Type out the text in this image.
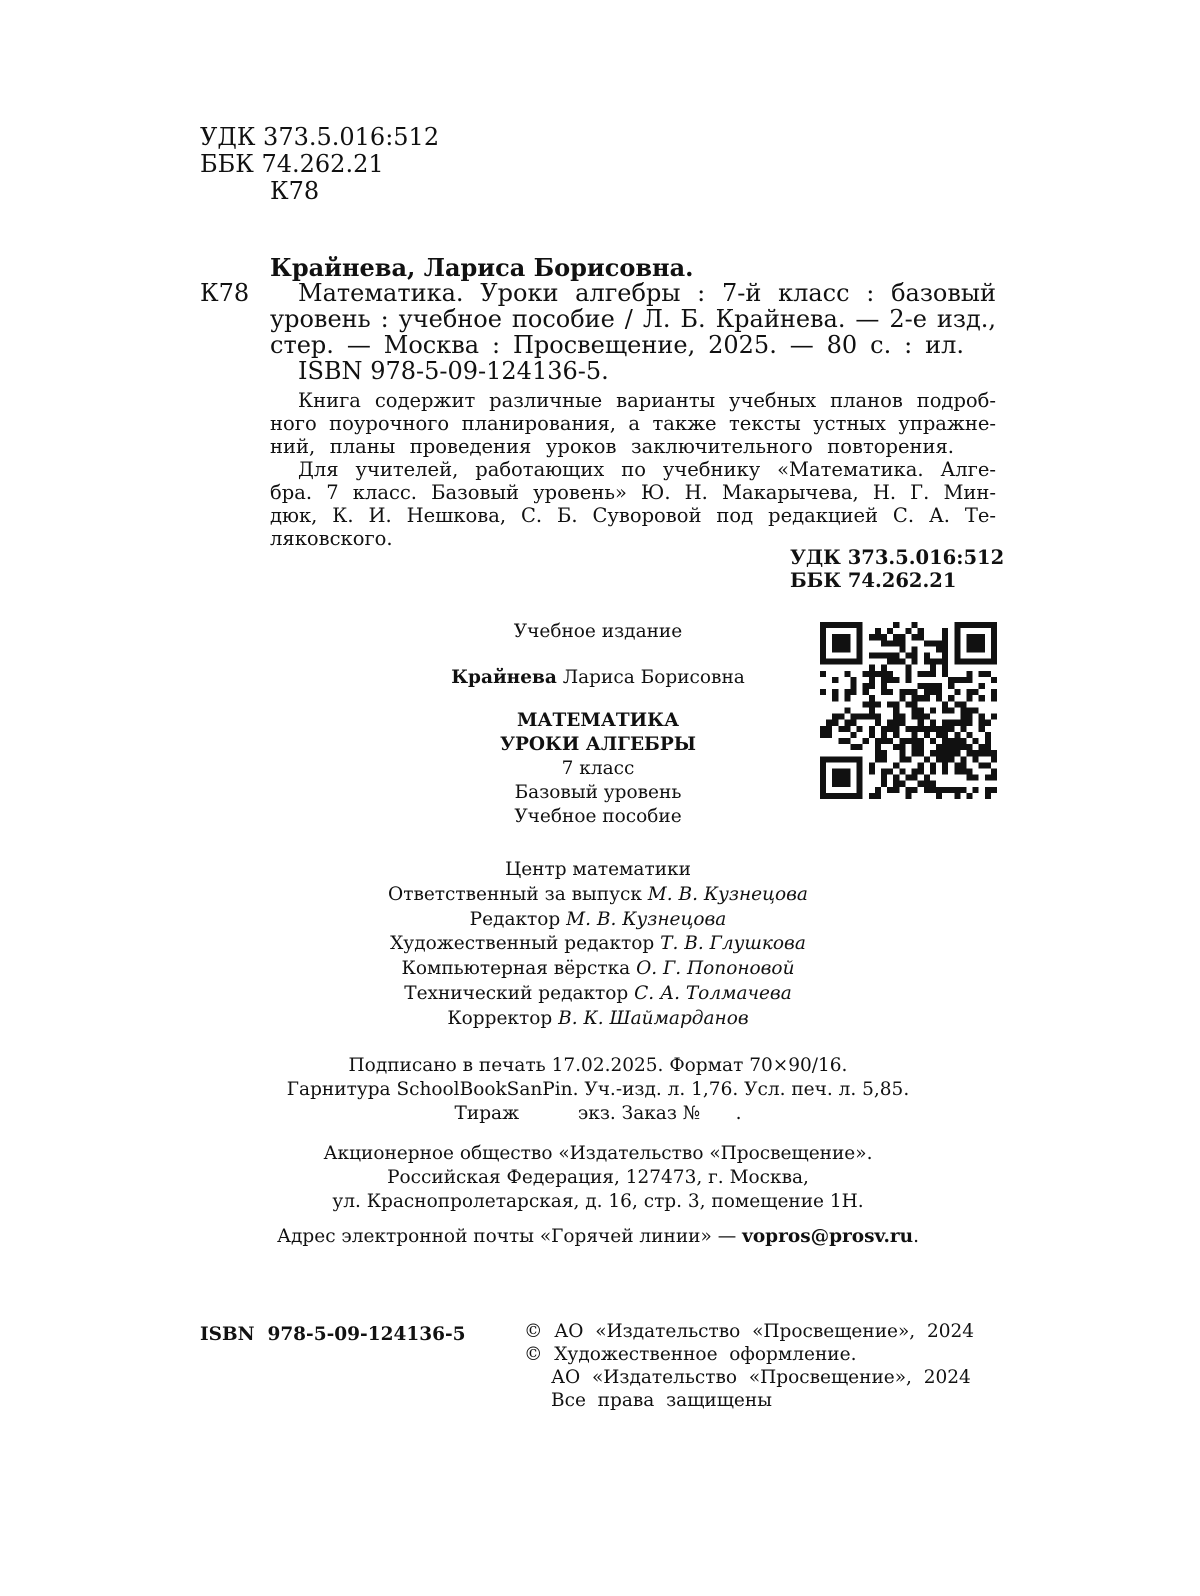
УДК 373.5.016:512
ББК 74.262.21
К78
Крайнева, Лариса Борисовна.
К78 Математика. Уроки алгебры : 7-й класс : базовый
уровень : учебное пособие / Л. Б. Крайнева. — 2-е изд.,
стер. — Москва : Просвещение, 2025. — 80 с. : ил.
ISBN 978-5-09-124136-5.
Книга содержит различные варианты учебных планов подроб-
ного поурочного планирования, а также тексты устных упражне-
ний, планы проведения уроков заключительного повторения.
Для учителей, работающих по учебнику «Математика. Алге-
бра. 7 класс. Базовый уровень» Ю. Н. Макарычева, Н. Г. Мин-
дюк, К. И. Нешкова, С. Б. Суворовой под редакцией С. А. Те-
ляковского.
УДК 373.5.016:512
ББК 74.262.21
Учебное издание
Крайнева Лариса Борисовна
МАТЕМАТИКА
УРОКИ АЛГЕБРЫ
7 класс
Базовый уровень
Учебное пособие
Центр математики
Ответственный за выпуск М. В. Кузнецова
Редактор М. В. Кузнецова
Художественный редактор Т. В. Глушкова
Компьютерная вёрстка О. Г. Попоновой
Технический редактор С. А. Толмачева
Корректор В. К. Шаймарданов
Подписано в печать 17.02.2025. Формат 70×90/16.
Гарнитура SchoolBookSanPin. Уч.-изд. л. 1,76. Усл. печ. л. 5,85.
Тираж          экз. Заказ №      .
Акционерное общество «Издательство «Просвещение».
Российская Федерация, 127473, г. Москва,
ул. Краснопролетарская, д. 16, стр. 3, помещение 1Н.
Адрес электронной почты «Горячей линии» — vopros@prosv.ru.
ISBN  978-5-09-124136-5	©  АО  «Издательство  «Просвещение»,  2024
©  Художественное  оформление.
АО  «Издательство  «Просвещение»,  2024
Все  права  защищены
